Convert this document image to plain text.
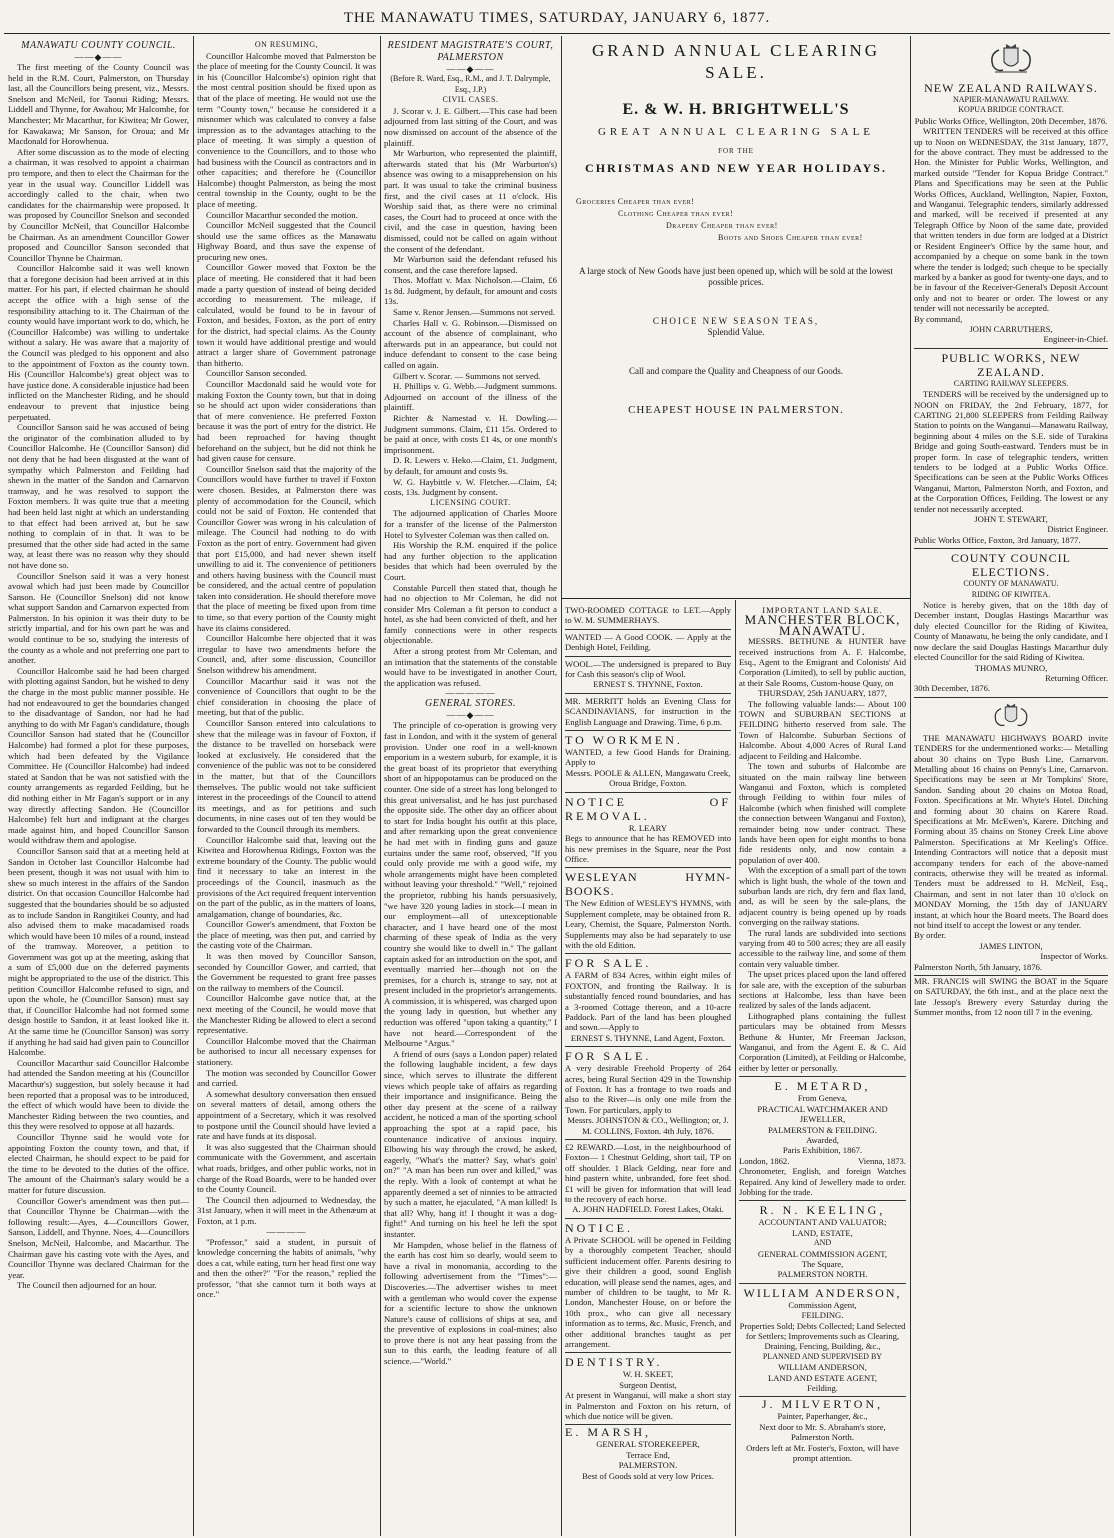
THE MANAWATU TIMES, SATURDAY, JANUARY 6, 1877.
MANAWATU COUNTY COUNCIL.
——◆——

The first meeting of the County Council was held in the R.M. Court, Palmerston, on Thursday last, all the Councillors being present, viz., Messrs. Snelson and McNeil, for Taonui Riding; Messrs. Liddell and Thynne, for Awahou; Mr Halcombe, for Manchester; Mr Macarthur, for Kiwitea; Mr Gower, for Kawakawa; Mr Sanson, for Oroua; and Mr Macdonald for Horowhenua.

After some discussion as to the mode of electing a chairman, it was resolved to appoint a chairman pro tempore, and then to elect the Chairman for the year in the usual way. Councillor Liddell was accordingly called to the chair, when two candidates for the chairmanship were proposed. It was proposed by Councillor Snelson and seconded by Councillor McNeil, that Councillor Halcombe be Chairman. As an amendment Councillor Gower proposed and Councillor Sanson seconded that Councillor Thynne be Chairman.

Councillor Halcombe said it was well known that a foregone decision had been arrived at in this matter. For his part, if elected chairman he should accept the office with a high sense of the responsibility attaching to it. The Chairman of the county would have important work to do, which, he (Councillor Halcombe) was willing to undertake without a salary. He was aware that a majority of the Council was pledged to his opponent and also to the appointment of Foxton as the county town. His (Councillor Halcombe's) great object was to have justice done. A considerable injustice had been inflicted on the Manchester Riding, and he should endeavour to prevent that injustice being perpetuated.

Councillor Sanson said he was accused of being the originator of the combination alluded to by Councillor Halcombe. He (Councillor Sanson) did not deny that he had been disgusted at the want of sympathy which Palmerston and Feilding had shewn in the matter of the Sandon and Carnarvon tramway, and he was resolved to support the Foxton members. It was quite true that a meeting had been held last night at which an understanding to that effect had been arrived at, but he saw nothing to complain of in that. It was to be presumed that the other side had acted in the same way, at least there was no reason why they should not have done so.

Councillor Snelson said it was a very honest avowal which had just been made by Councillor Sanson. He (Councillor Snelson) did not know what support Sandon and Carnarvon expected from Palmerston. In his opinion it was their duty to be strictly impartial, and for his own part he was and would continue to be so, studying the interests of the county as a whole and not preferring one part to another.

Councillor Halcombe said he had been charged with plotting against Sandon, but he wished to deny the charge in the most public manner possible. He had not endeavoured to get the boundaries changed to the disadvantage of Sandon, nor had he had anything to do with Mr Fagan's candidature, though Councillor Sanson had stated that he (Councillor Halcombe) had formed a plot for these purposes, which had been defeated by the Vigilance Committee. He (Councillor Halcombe) had indeed stated at Sandon that he was not satisfied with the county arrangements as regarded Feilding, but he did nothing either in Mr Fagan's support or in any way directly affecting Sandon. He (Councillor Halcombe) felt hurt and indignant at the charges made against him, and hoped Councillor Sanson would withdraw them and apologise.

Councillor Sanson said that at a meeting held at Sandon in October last Councillor Halcombe had been present, though it was not usual with him to shew so much interest in the affairs of the Sandon district. On that occasion Councillor Halcombe had suggested that the boundaries should be so adjusted as to include Sandon in Rangitikei County, and had also advised them to make macadamised roads which would have been 10 miles of a round, instead of the tramway. Moreover, a petition to Government was got up at the meeting, asking that a sum of £5,000 due on the deferred payments might be appropriated to the use of the district. This petition Councillor Halcombe refused to sign, and upon the whole, he (Councillor Sanson) must say that, if Councillor Halcombe had not formed some design hostile to Sandon, it at least looked like it. At the same time he (Councillor Sanson) was sorry if anything he had said had given pain to Councillor Halcombe.

Councillor Macarthur said Councillor Halcombe had attended the Sandon meeting at his (Councillor Macarthur's) suggestion, but solely because it had been reported that a proposal was to be introduced, the effect of which would have been to divide the Manchester Riding between the two counties, and this they were resolved to oppose at all hazards.

Councillor Thynne said he would vote for appointing Foxton the county town, and that, if elected Chairman, he should expect to be paid for the time to be devoted to the duties of the office. The amount of the Chairman's salary would be a matter for future discussion.

Councillor Gower's amendment was then put—that Councillor Thynne be Chairman—with the following result:—Ayes, 4—Councillors Gower, Sanson, Liddell, and Thynne. Noes, 4—Councillors Snelson, McNeil, Halcombe, and Macarthur. The Chairman gave his casting vote with the Ayes, and Councillor Thynne was declared Chairman for the year.

The Council then adjourned for an hour.

ON RESUMING,

Councillor Halcombe moved that Palmerston be the place of meeting for the County Council. It was in his (Councillor Halcombe's) opinion right that the most central position should be fixed upon as that of the place of meeting. He would not use the term "County town," because he considered it a misnomer which was calculated to convey a false impression as to the advantages attaching to the place of meeting. It was simply a question of convenience to the Councillors, and to those who had business with the Council as contractors and in other capacities; and therefore he (Councillor Halcombe) thought Palmerston, as being the most central township in the County, ought to be the place of meeting.

Councillor Macarthur seconded the motion.

Councillor McNeil suggested that the Council should use the same offices as the Manawatu Highway Board, and thus save the expense of procuring new ones.

Councillor Gower moved that Foxton be the place of meeting. He considered that it had been made a party question of instead of being decided according to measurement. The mileage, if calculated, would be found to be in favour of Foxton, and besides, Foxton, as the port of entry for the district, had special claims. As the County town it would have additional prestige and would attract a larger share of Government patronage than hitherto.

Councillor Sanson seconded.

Councillor Macdonald said he would vote for making Foxton the County town, but that in doing so he should act upon wider considerations than that of mere convenience. He preferred Foxton because it was the port of entry for the district. He had been reproached for having thought beforehand on the subject, but he did not think he had given cause for censure.

Councillor Snelson said that the majority of the Councillors would have further to travel if Foxton were chosen. Besides, at Palmerston there was plenty of accommodation for the Council, which could not be said of Foxton. He contended that Councillor Gower was wrong in his calculation of mileage. The Council had nothing to do with Foxton as the port of entry. Government had given that port £15,000, and had never shewn itself unwilling to aid it. The convenience of petitioners and others having business with the Council must be considered, and the actual centre of population taken into consideration. He should therefore move that the place of meeting be fixed upon from time to time, so that every portion of the County might have its claims considered.

Councillor Halcombe here objected that it was irregular to have two amendments before the Council, and, after some discussion, Councillor Snelson withdrew his amendment.

Councillor Macarthur said it was not the convenience of Councillors that ought to be the chief consideration in choosing the place of meeting, but that of the public.

Councillor Sanson entered into calculations to shew that the mileage was in favour of Foxton, if the distance to be travelled on horseback were looked at exclusively. He considered that the convenience of the public was not to be considered in the matter, but that of the Councillors themselves. The public would not take sufficient interest in the proceedings of the Council to attend its meetings, and as for petitions and such documents, in nine cases out of ten they would be forwarded to the Council through its members.

Councillor Halcombe said that, leaving out the Kiwitea and Horowhenua Ridings, Foxton was the extreme boundary of the County. The public would find it necessary to take an interest in the proceedings of the Council, inasmuch as the provisions of the Act required frequent intervention on the part of the public, as in the matters of loans, amalgamation, change of boundaries, &c.

Councillor Gower's amendment, that Foxton be the place of meeting, was then put, and carried by the casting vote of the Chairman.

It was then moved by Councillor Sanson, seconded by Councillor Gower, and carried, that the Government be requested to grant free passes on the railway to members of the Council.

Councillor Halcombe gave notice that, at the next meeting of the Council, he would move that the Manchester Riding be allowed to elect a second representative.

Councillor Halcombe moved that the Chairman be authorised to incur all necessary expenses for stationery.

The motion was seconded by Councillor Gower and carried.

A somewhat desultory conversation then ensued on several matters of detail, among others the appointment of a Secretary, which it was resolved to postpone until the Council should have levied a rate and have funds at its disposal.

It was also suggested that the Chairman should communicate with the Government, and ascertain what roads, bridges, and other public works, not in charge of the Road Boards, were to be handed over to the County Council.

The Council then adjourned to Wednesday, the 31st January, when it will meet in the Athenæum at Foxton, at 1 p.m.

————

"Professor," said a student, in pursuit of knowledge concerning the habits of animals, "why does a cat, while eating, turn her head first one way and then the other?" "For the reason," replied the professor, "that she cannot turn it both ways at once."

RESIDENT MAGISTRATE'S COURT, PALMERSTON
——◆——
(Before R. Ward, Esq., R.M., and J. T. Dalrymple, Esq., J.P.)
CIVIL CASES.

J. Scorar v. J. E. Gilbert.—This case had been adjourned from last sitting of the Court, and was now dismissed on account of the absence of the plaintiff.

Mr Warburton, who represented the plaintiff, afterwards stated that his (Mr Warburton's) absence was owing to a misapprehension on his part. It was usual to take the criminal business first, and the civil cases at 11 o'clock. His Worship said that, as there were no criminal cases, the Court had to proceed at once with the civil, and the case in question, having been dismissed, could not be called on again without the consent of the defendant.

Mr Warburton said the defendant refused his consent, and the case therefore lapsed.

Thos. Moffatt v. Max Nicholson.—Claim, £6 1s 8d. Judgment, by default, for amount and costs 13s.

Same v. Renor Jensen.—Summons not served.

Charles Hall v. G. Robinson.—Dismissed on account of the absence of complainant, who afterwards put in an appearance, but could not induce defendant to consent to the case being called on again.

Gilbert v. Scorar. — Summons not served.

H. Phillips v. G. Webb.—Judgment summons. Adjourned on account of the illness of the plaintiff.

Richter & Namestad v. H. Dowling.—Judgment summons. Claim, £11 15s. Ordered to be paid at once, with costs £1 4s, or one month's imprisonment.

D. R. Lewers v. Heko.—Claim, £1. Judgment, by default, for amount and costs 9s.

W. G. Haybittle v. W. Fletcher.—Claim, £4; costs, 13s. Judgment by consent.

LICENSING COURT.

The adjourned application of Charles Moore for a transfer of the license of the Palmerston Hotel to Sylvester Coleman was then called on.

His Worship the R.M. enquired if the police had any further objection to the application besides that which had been overruled by the Court.

Constable Purcell then stated that, though he had no objection to Mr Coleman, he did not consider Mrs Coleman a fit person to conduct a hotel, as she had been convicted of theft, and her family connections were in other respects objectionable.

After a strong protest from Mr Coleman, and an intimation that the statements of the constable would have to be investigated in another Court, the application was refused.

—————
GENERAL STORES.
——◆——

The principle of co-operation is growing very fast in London, and with it the system of general provision. Under one roof in a well-known emporium in a western suburb, for example, it is the great boast of its proprietor that everything short of an hippopotamus can be produced on the counter. One side of a street has long belonged to this great universalist, and he has just purchased the opposite side. The other day an officer about to start for India bought his outfit at this place, and after remarking upon the great convenience he had met with in finding guns and gauze curtains under the same roof, observed, "If you could only provide me with a good wife, my whole arrangements might have been completed without leaving your threshold." "Well," rejoined the proprietor, rubbing his hands persuasively, "we have 320 young ladies in stock—I mean in our employment—all of unexceptionable character, and I have heard one of the most charming of these speak of India as the very country she would like to dwell in." The gallant captain asked for an introduction on the spot, and eventually married her—though not on the premises, for a church is, strange to say, not at present included in the proprietor's arrangements. A commission, it is whispered, was charged upon the young lady in question, but whether any reduction was offered "upon taking a quantity," I have not heard.—Correspondent of the Melbourne "Argus."

A friend of ours (says a London paper) related the following laughable incident, a few days since, which serves to illustrate the different views which people take of affairs as regarding their importance and insignificance. Being the other day present at the scene of a railway accident, he noticed a man of the sporting school approaching the spot at a rapid pace, his countenance indicative of anxious inquiry. Elbowing his way through the crowd, he asked, eagerly, "What's the matter? Say, what's goin' on?" "A man has been run over and killed," was the reply. With a look of contempt at what he apparently deemed a set of ninnies to be attracted by such a matter, he ejaculated, "A man killed! Is that all? Why, hang it! I thought it was a dog-fight!" And turning on his heel he left the spot instanter.

Mr Hampden, whose belief in the flatness of the earth has cost him so dearly, would seem to have a rival in monomania, according to the following advertisement from the "Times":—Discoveries.—The advertiser wishes to meet with a gentleman who would cover the expense for a scientific lecture to show the unknown Nature's cause of collisions of ships at sea, and the preventive of explosions in coal-mines; also to prove there is not any heat passing from the sun to this earth, the leading feature of all science.—"World."

GRAND ANNUAL CLEARING SALE.
E. & W. H. BRIGHTWELL'S
GREAT ANNUAL CLEARING SALE
FOR THE
CHRISTMAS AND NEW YEAR HOLIDAYS.
Groceries Cheaper than ever!
Clothing Cheaper than ever!
Drapery Cheaper than ever!
Boots and Shoes Cheaper than ever!
A large stock of New Goods have just been opened up, which will be sold at the lowest possible prices.
CHOICE NEW SEASON TEAS,
Splendid Value.
Call and compare the Quality and Cheapness of our Goods.
CHEAPEST HOUSE IN PALMERSTON.
TWO-ROOMED COTTAGE to LET.—Apply to W. M. SUMMERHAYS.
WANTED — A Good COOK. — Apply at the Denbigh Hotel, Feilding.
WOOL.—The undersigned is prepared to Buy for Cash this season's clip of Wool.
ERNEST S. THYNNE, Foxton.
MR. MERRITT holds an Evening Class for SCANDINAVIANS, for instruction in the English Language and Drawing. Time, 6 p.m.
TO WORKMEN.
WANTED, a few Good Hands for Draining. Apply to
Messrs. POOLE & ALLEN, Mangawatu Creek, Oroua Bridge, Foxton.
NOTICE OF REMOVAL.
R. LEARY
Begs to announce that he has REMOVED into his new premises in the Square, near the Post Office.
WESLEYAN HYMN-BOOKS.
The New Edition of WESLEY'S HYMNS, with Supplement complete, may be obtained from R. Leary, Chemist, the Square, Palmerston North. Supplements may also be had separately to use with the old Edition.
FOR SALE.
A FARM of 834 Acres, within eight miles of FOXTON, and fronting the Railway. It is substantially fenced round boundaries, and has a 3-roomed Cottage thereon, and a 10-acre Paddock. Part of the land has been ploughed and sown.—Apply to
ERNEST S. THYNNE, Land Agent, Foxton.
FOR SALE.
A very desirable Freehold Property of 264 acres, being Rural Section 429 in the Township of Foxton. It has a frontage to two roads and also to the River—is only one mile from the Town. For particulars, apply to
Messrs. JOHNSTON & CO., Wellington; or, J. M. COLLINS, Foxton. 4th July, 1876.
£2 REWARD.—Lost, in the neighbourhood of Foxton— 1 Chestnut Gelding, short tail, TP on off shoulder. 1 Black Gelding, near fore and hind pastern white, unbranded, fore feet shod. £1 will be given for information that will lead to the recovery of each horse.
A. JOHN HADFIELD. Forest Lakes, Otaki.
NOTICE.
A Private SCHOOL will be opened in Feilding by a thoroughly competent Teacher, should sufficient inducement offer. Parents desiring to give their children a good, sound English education, will please send the names, ages, and number of children to be taught, to Mr R. London, Manchester House, on or before the 10th prox., who can give all necessary information as to terms, &c. Music, French, and other additional branches taught as per arrangement.
DENTISTRY.
W. H. SKEET,
Surgeon Dentist,
At present in Wanganui, will make a short stay in Palmerston and Foxton on his return, of which due notice will be given.
E. MARSH,
GENERAL STOREKEEPER,
Terrace End,
PALMERSTON.
Best of Goods sold at very low Prices.
IMPORTANT LAND SALE.
MANCHESTER BLOCK, MANAWATU.

MESSRS. BETHUNE & HUNTER have received instructions from A. F. Halcombe, Esq., Agent to the Emigrant and Colonists' Aid Corporation (Limited), to sell by public auction, at their Sale Rooms, Custom-house Quay, on

THURSDAY, 25th JANUARY, 1877,

The following valuable lands:— About 100 TOWN and SUBURBAN SECTIONS at FEILDING hitherto reserved from sale. The Town of Halcombe. Suburban Sections of Halcombe. About 4,000 Acres of Rural Land adjacent to Feilding and Halcombe.

The town and suburbs of Halcombe are situated on the main railway line between Wanganui and Foxton, which is completed through Feilding to within four miles of Halcombe (which when finished will complete the connection between Wanganui and Foxton), remainder being now under contract. These lands have been open for eight months to bona fide residents only, and now contain a population of over 400.

With the exception of a small part of the town which is light bush, the whole of the town and suburban lands are rich, dry fern and flax land, and, as will be seen by the sale-plans, the adjacent country is being opened up by roads converging on the railway stations.

The rural lands are subdivided into sections varying from 40 to 500 acres; they are all easily accessible to the railway line, and some of them contain very valuable timber.

The upset prices placed upon the land offered for sale are, with the exception of the suburban sections at Halcombe, less than have been realized by sales of the lands adjacent.

Lithographed plans containing the fullest particulars may be obtained from Messrs Bethune & Hunter, Mr Freeman Jackson, Wanganui, and from the Agent E. & C. Aid Corporation (Limited), at Feilding or Halcombe, either by letter or personally.

E. METARD,
From Geneva,
PRACTICAL WATCHMAKER AND JEWELLER,
PALMERSTON & FEILDING.
Awarded,
Paris Exhibition, 1867.
London, 1862.	Vienna, 1873.
Chronometer, English, and foreign Watches Repaired. Any kind of Jewellery made to order. Jobbing for the trade.
R. N. KEELING,
ACCOUNTANT AND VALUATOR;
LAND, ESTATE,
AND
GENERAL COMMISSION AGENT,
The Square,
PALMERSTON NORTH.
WILLIAM ANDERSON,
Commission Agent,
FEILDING.
Properties Sold; Debts Collected; Land Selected for Settlers; Improvements such as Clearing, Draining, Fencing, Building, &c.,
PLANNED AND SUPERVISED BY
WILLIAM ANDERSON,
LAND AND ESTATE AGENT,
Feilding.
J. MILVERTON,
Painter, Paperhanger, &c.,
Next door to Mr. S. Abraham's store, Palmerston North.
Orders left at Mr. Foster's, Foxton, will have prompt attention.
NEW ZEALAND RAILWAYS.
NAPIER-MANAWATU RAILWAY.
KOPUA BRIDGE CONTRACT.
Public Works Office, Wellington, 20th December, 1876.

WRITTEN TENDERS will be received at this office up to Noon on WEDNESDAY, the 31st January, 1877, for the above contract. They must be addressed to the Hon. the Minister for Public Works, Wellington, and marked outside "Tender for Kopua Bridge Contract." Plans and Specifications may be seen at the Public Works Offices, Auckland, Wellington, Napier, Foxton, and Wanganui. Telegraphic tenders, similarly addressed and marked, will be received if presented at any Telegraph Office by Noon of the same date, provided that written tenders in due form are lodged at a District or Resident Engineer's Office by the same hour, and accompanied by a cheque on some bank in the town where the tender is lodged; such cheque to be specially marked by a banker as good for twenty-one days, and to be in favour of the Receiver-General's Deposit Account only and not to bearer or order. The lowest or any tender will not necessarily be accepted.

By command,
JOHN CARRUTHERS,
Engineer-in-Chief.
PUBLIC WORKS, NEW ZEALAND.
CARTING RAILWAY SLEEPERS.

TENDERS will be received by the undersigned up to NOON on FRIDAY, the 2nd February, 1877, for CARTING 21,800 SLEEPERS from Feilding Railway Station to points on the Wanganui—Manawatu Railway, beginning about 4 miles on the S.E. side of Turakina Bridge and going South-eastward. Tenders must be in proper form. In case of telegraphic tenders, written tenders to be lodged at a Public Works Office. Specifications can be seen at the Public Works Offices Wanganui, Marton, Palmerston North, and Foxton, and at the Corporation Offices, Feilding. The lowest or any tender not necessarily accepted.

JOHN T. STEWART,
District Engineer.
Public Works Office, Foxton, 3rd January, 1877.
COUNTY COUNCIL ELECTIONS.
COUNTY OF MANAWATU.
RIDING OF KIWITEA.

Notice is hereby given, that on the 18th day of December instant, Douglas Hastings Macarthur was duly elected Councillor for the Riding of Kiwitea, County of Manawatu, he being the only candidate, and I now declare the said Douglas Hastings Macarthur duly elected Councillor for the said Riding of Kiwitea.

THOMAS MUNRO,
Returning Officer.
30th December, 1876.

THE MANAWATU HIGHWAYS BOARD invite TENDERS for the undermentioned works:— Metalling about 30 chains on Typo Bush Line, Carnarvon. Metalling about 16 chains on Penny's Line, Carnarvon. Specifications may be seen at Mr Tompkins' Store, Sandon. Sanding about 20 chains on Motoa Road, Foxton. Specifications at Mr. Whyte's Hotel. Ditching and forming about 30 chains on Karere Road. Specifications at Mr. McEwen's, Karere. Ditching and Forming about 35 chains on Stoney Creek Line above Palmerston. Specifications at Mr Keeling's Office. Intending Contractors will notice that a deposit must accompany tenders for each of the above-named contracts, otherwise they will be treated as informal. Tenders must be addressed to H. McNeil, Esq., Chairman, and sent in not later than 10 o'clock on MONDAY Morning, the 15th day of JANUARY instant, at which hour the Board meets. The Board does not bind itself to accept the lowest or any tender.

By order.
JAMES LINTON,
Inspector of Works.
Palmerston North, 5th January, 1876.
MR. FRANCIS will SWING the BOAT in the Square on SATURDAY, the 6th inst., and at the place next the late Jessop's Brewery every Saturday during the Summer months, from 12 noon till 7 in the evening.
